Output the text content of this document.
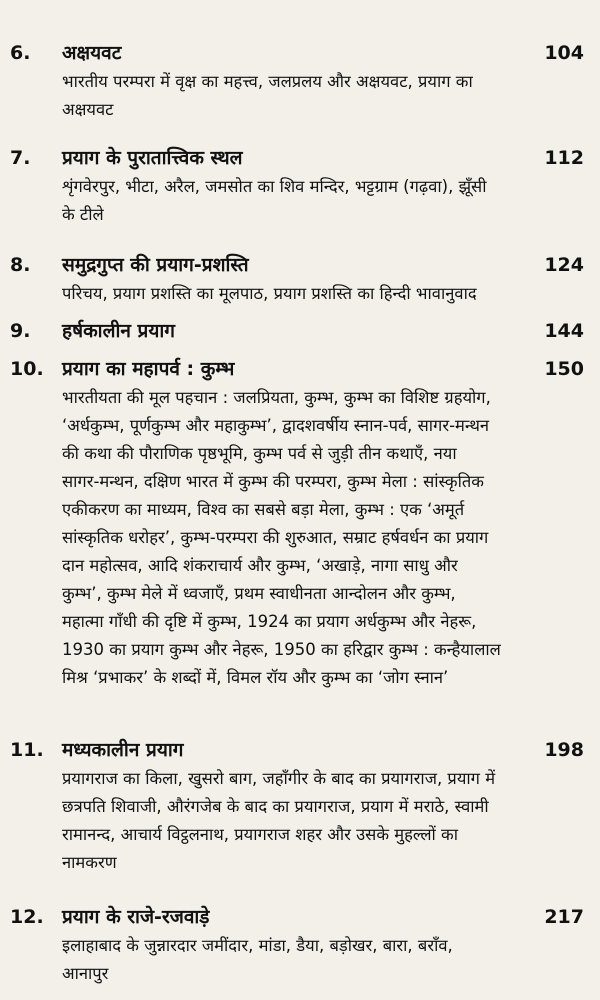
6. अक्षयवट	104
भारतीय परम्परा में वृक्ष का महत्त्व, जलप्रलय और अक्षयवट, प्रयाग का
अक्षयवट
7. प्रयाग के पुरातात्त्विक स्थल	112
शृंगवेरपुर, भीटा, अरैल, जमसोत का शिव मन्दिर, भट्टग्राम (गढ़वा), झूँसी
के टीले
8. समुद्रगुप्त की प्रयाग-प्रशस्ति	124
परिचय, प्रयाग प्रशस्ति का मूलपाठ, प्रयाग प्रशस्ति का हिन्दी भावानुवाद
9. हर्षकालीन प्रयाग	144
10. प्रयाग का महापर्व : कुम्भ	150
भारतीयता की मूल पहचान : जलप्रियता, कुम्भ, कुम्भ का विशिष्ट ग्रहयोग,
‘अर्धकुम्भ, पूर्णकुम्भ और महाकुम्भ’, द्वादशवर्षीय स्नान-पर्व, सागर-मन्थन
की कथा की पौराणिक पृष्ठभूमि, कुम्भ पर्व से जुड़ी तीन कथाएँ, नया
सागर-मन्थन, दक्षिण भारत में कुम्भ की परम्परा, कुम्भ मेला : सांस्कृतिक
एकीकरण का माध्यम, विश्व का सबसे बड़ा मेला, कुम्भ : एक ‘अमूर्त
सांस्कृतिक धरोहर’, कुम्भ-परम्परा की शुरुआत, सम्राट हर्षवर्धन का प्रयाग
दान महोत्सव, आदि शंकराचार्य और कुम्भ, ‘अखाड़े, नागा साधु और
कुम्भ’, कुम्भ मेले में ध्वजाएँ, प्रथम स्वाधीनता आन्दोलन और कुम्भ,
महात्मा गाँधी की दृष्टि में कुम्भ, 1924 का प्रयाग अर्धकुम्भ और नेहरू,
1930 का प्रयाग कुम्भ और नेहरू, 1950 का हरिद्वार कुम्भ : कन्हैयालाल
मिश्र ‘प्रभाकर’ के शब्दों में, विमल रॉय और कुम्भ का ‘जोग स्नान’
11. मध्यकालीन प्रयाग	198
प्रयागराज का किला, खुसरो बाग, जहाँगीर के बाद का प्रयागराज, प्रयाग में
छत्रपति शिवाजी, औरंगजेब के बाद का प्रयागराज, प्रयाग में मराठे, स्वामी
रामानन्द, आचार्य विट्ठलनाथ, प्रयागराज शहर और उसके मुहल्लों का
नामकरण
12. प्रयाग के राजे-रजवाड़े	217
इलाहाबाद के जुन्नारदार जमींदार, मांडा, डैया, बड़ोखर, बारा, बराँव,
आनापुर
